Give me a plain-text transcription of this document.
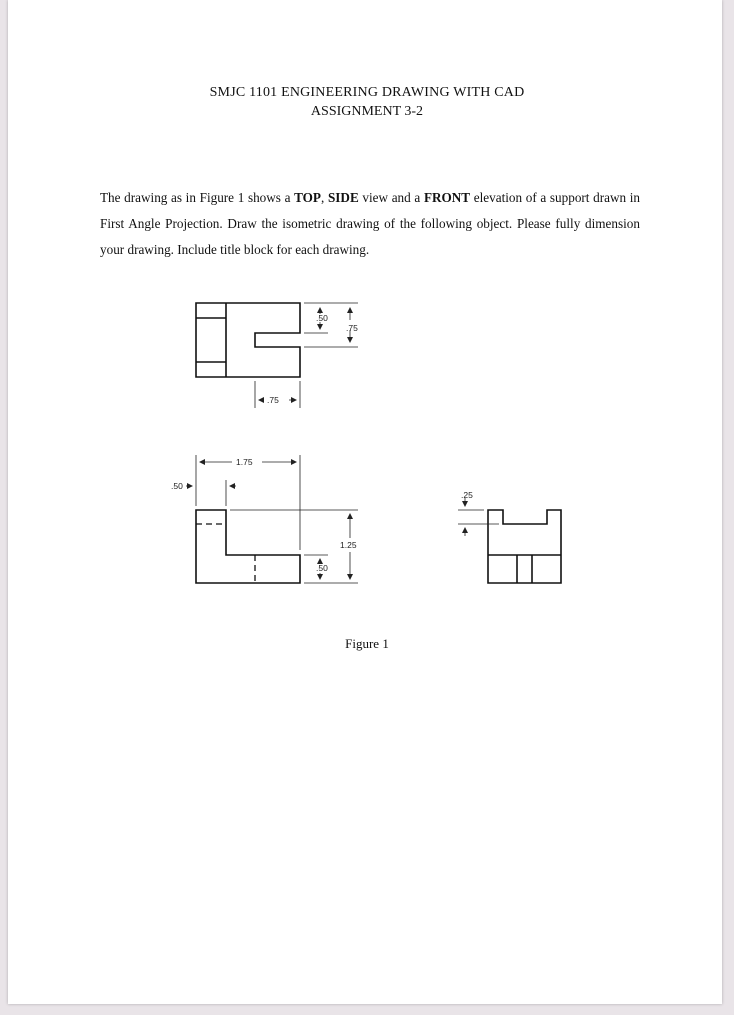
SMJC 1101 ENGINEERING DRAWING WITH CAD
ASSIGNMENT 3-2
The drawing as in Figure 1 shows a TOP, SIDE view and a FRONT elevation of a support drawn in First Angle Projection. Draw the isometric drawing of the following object. Please fully dimension your drawing. Include title block for each drawing.
.50
.75
.75
1.75
.50
1.25
.50
.25
Figure 1
